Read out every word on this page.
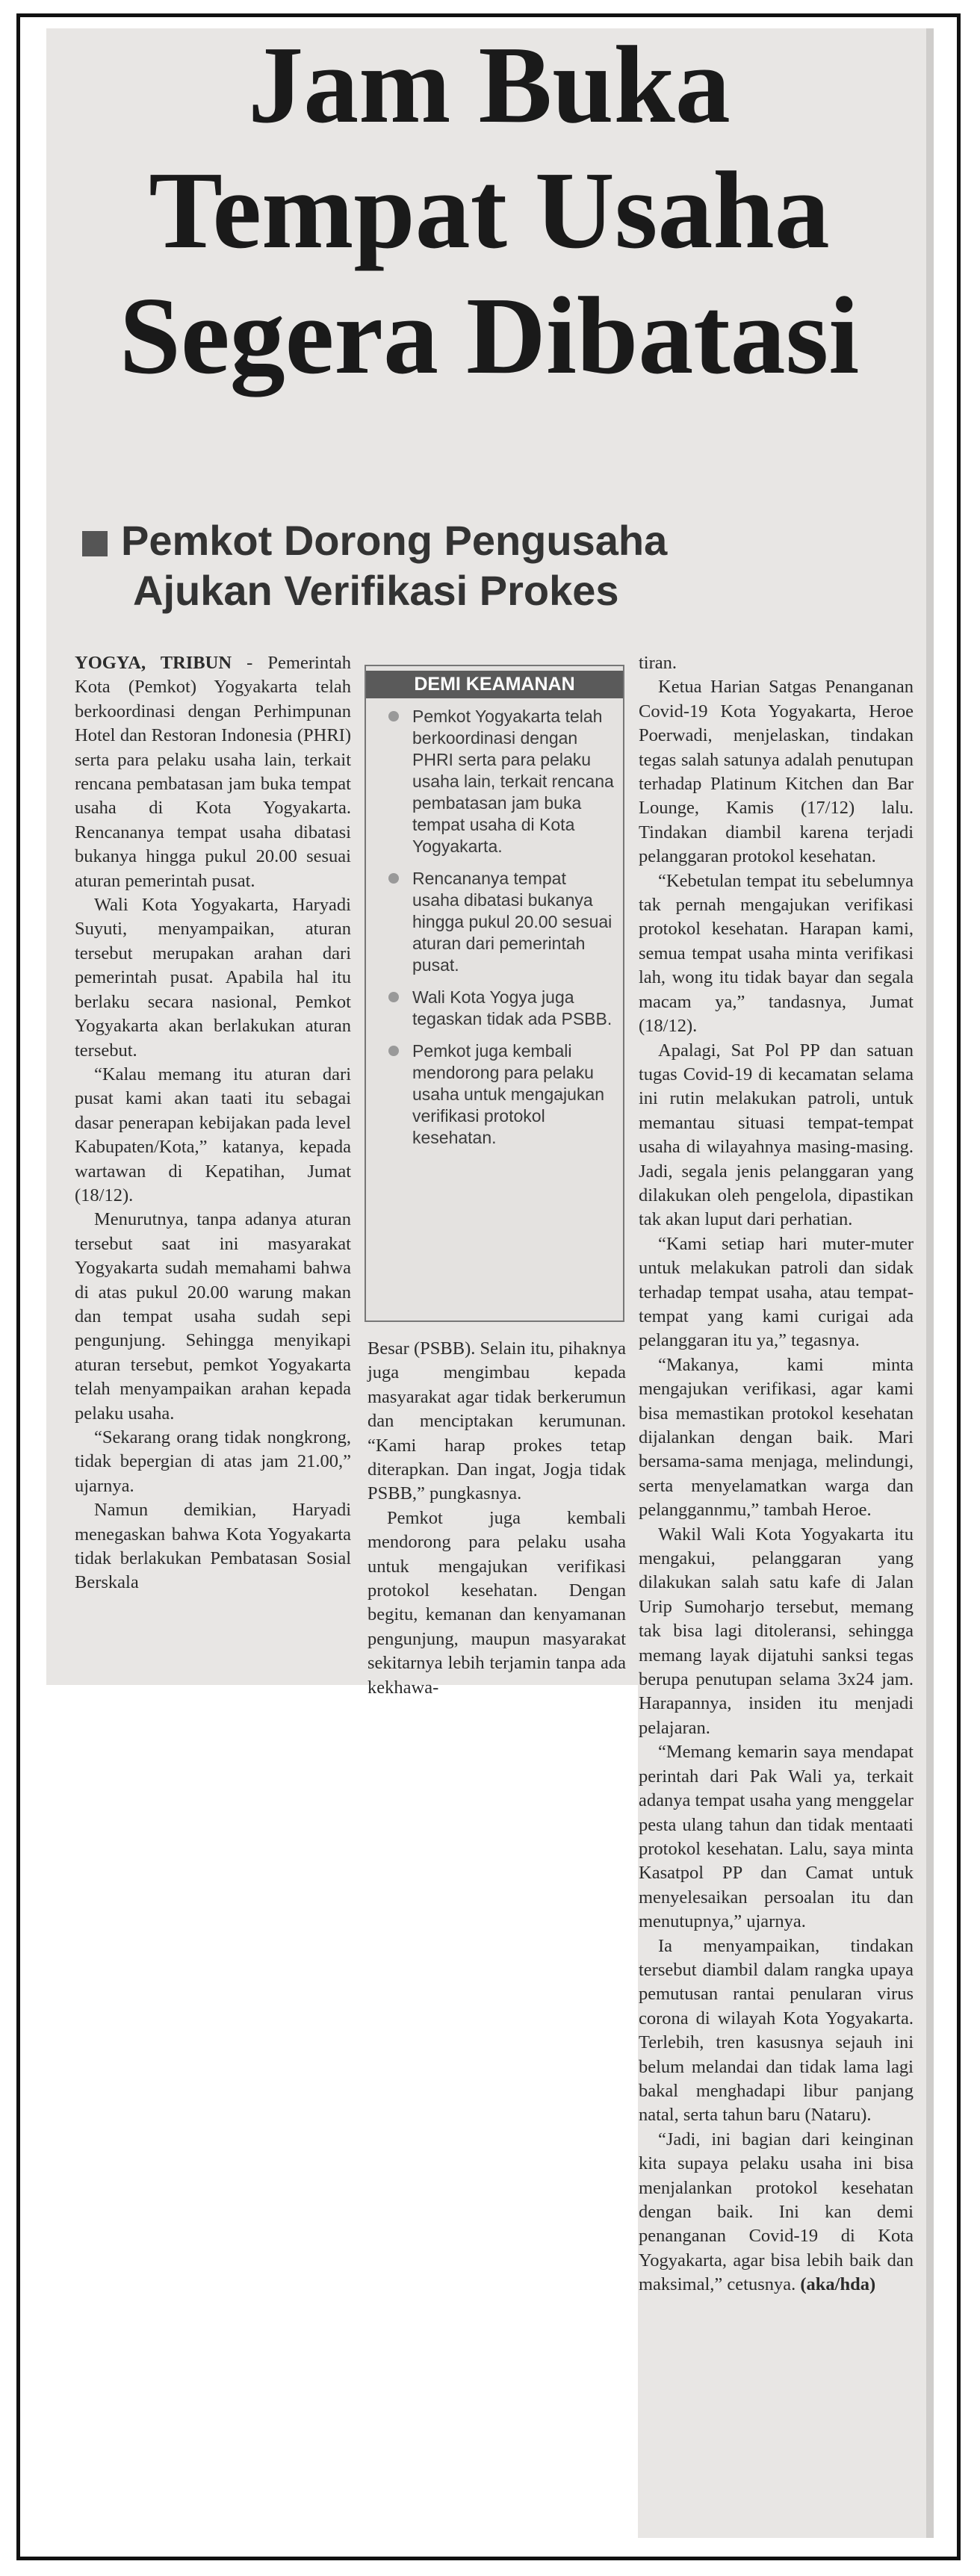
Jam Buka
Tempat Usaha
Segera Dibatasi
Pemkot Dorong Pengusaha
Ajukan Verifikasi Prokes

YOGYA, TRIBUN - Pemerintah Kota (Pemkot) Yogyakarta telah berkoordinasi dengan Perhimpunan Hotel dan Restoran Indonesia (PHRI) serta para pelaku usaha lain, terkait rencana pembatasan jam buka tempat usaha di Kota Yogyakarta. Rencananya tempat usaha dibatasi bukanya hingga pukul 20.00 sesuai aturan pemerintah pusat.

Wali Kota Yogyakarta, Haryadi Suyuti, menyampaikan, aturan tersebut merupakan arahan dari pemerintah pusat. Apabila hal itu berlaku secara nasional, Pemkot Yogyakarta akan berlakukan aturan tersebut.

“Kalau memang itu aturan dari pusat kami akan taati itu sebagai dasar penerapan kebijakan pada level Kabupaten/Kota,” katanya, kepada wartawan di Kepatihan, Jumat (18/12).

Menurutnya, tanpa adanya aturan tersebut saat ini masyarakat Yogyakarta sudah memahami bahwa di atas pukul 20.00 warung makan dan tempat usaha sudah sepi pengunjung. Sehingga menyikapi aturan tersebut, pemkot Yogyakarta telah menyampaikan arahan kepada pelaku usaha.

“Sekarang orang tidak nongkrong, tidak bepergian di atas jam 21.00,” ujarnya.

Namun demikian, Haryadi menegaskan bahwa Kota Yogyakarta tidak berlakukan Pembatasan Sosial Berskala

DEMI KEAMANAN
Pemkot Yogyakarta telah berkoordinasi dengan PHRI serta para pelaku usaha lain, terkait rencana pembatasan jam buka tempat usaha di Kota Yogyakarta.
Rencananya tempat usaha dibatasi bukanya hingga pukul 20.00 sesuai aturan dari pemerintah pusat.
Wali Kota Yogya juga tegaskan tidak ada PSBB.
Pemkot juga kembali mendorong para pelaku usaha untuk mengajukan verifikasi protokol kesehatan.

Besar (PSBB). Selain itu, pihaknya juga mengimbau kepada masyarakat agar tidak berkerumun dan menciptakan kerumunan. “Kami harap prokes tetap diterapkan. Dan ingat, Jogja tidak PSBB,” pungkasnya.

Pemkot juga kembali mendorong para pelaku usaha untuk mengajukan verifikasi protokol kesehatan. Dengan begitu, kemanan dan kenyamanan pengunjung, maupun masyarakat sekitarnya lebih terjamin tanpa ada kekhawa-

tiran.

Ketua Harian Satgas Penanganan Covid-19 Kota Yogyakarta, Heroe Poerwadi, menjelaskan, tindakan tegas salah satunya adalah penutupan terhadap Platinum Kitchen dan Bar Lounge, Kamis (17/12) lalu. Tindakan diambil karena terjadi pelanggaran protokol kesehatan.

“Kebetulan tempat itu sebelumnya tak pernah mengajukan verifikasi protokol kesehatan. Harapan kami, semua tempat usaha minta verifikasi lah, wong itu tidak bayar dan segala macam ya,” tandasnya, Jumat (18/12).

Apalagi, Sat Pol PP dan satuan tugas Covid-19 di kecamatan selama ini rutin melakukan patroli, untuk memantau situasi tempat-tempat usaha di wilayahnya masing-masing. Jadi, segala jenis pelanggaran yang dilakukan oleh pengelola, dipastikan tak akan luput dari perhatian.

“Kami setiap hari muter-muter untuk melakukan patroli dan sidak terhadap tempat usaha, atau tempat-tempat yang kami curigai ada pelanggaran itu ya,” tegasnya.

“Makanya, kami minta mengajukan verifikasi, agar kami bisa memastikan protokol kesehatan dijalankan dengan baik. Mari bersama-sama menjaga, melindungi, serta menyelamatkan warga dan pelanggannmu,” tambah Heroe.

Wakil Wali Kota Yogyakarta itu mengakui, pelanggaran yang dilakukan salah satu kafe di Jalan Urip Sumoharjo tersebut, memang tak bisa lagi ditoleransi, sehingga memang layak dijatuhi sanksi tegas berupa penutupan selama 3x24 jam. Harapannya, insiden itu menjadi pelajaran.

“Memang kemarin saya mendapat perintah dari Pak Wali ya, terkait adanya tempat usaha yang menggelar pesta ulang tahun dan tidak mentaati protokol kesehatan. Lalu, saya minta Kasatpol PP dan Camat untuk menyelesaikan persoalan itu dan menutupnya,” ujarnya.

Ia menyampaikan, tindakan tersebut diambil dalam rangka upaya pemutusan rantai penularan virus corona di wilayah Kota Yogyakarta. Terlebih, tren kasusnya sejauh ini belum melandai dan tidak lama lagi bakal menghadapi libur panjang natal, serta tahun baru (Nataru).

“Jadi, ini bagian dari keinginan kita supaya pelaku usaha ini bisa menjalankan protokol kesehatan dengan baik. Ini kan demi penanganan Covid-19 di Kota Yogyakarta, agar bisa lebih baik dan maksimal,” cetusnya. (aka/hda)
